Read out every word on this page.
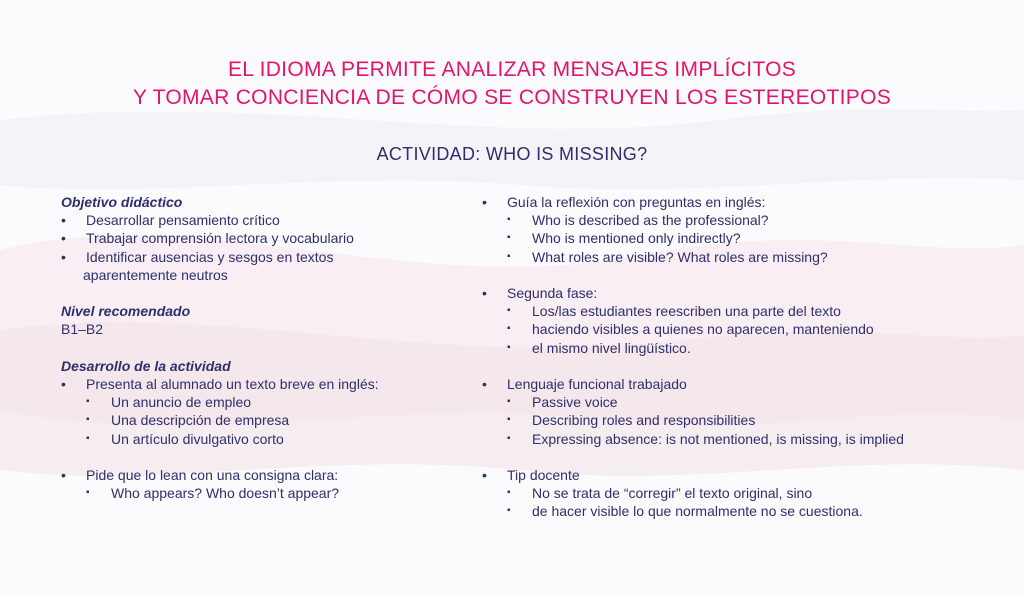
EL IDIOMA PERMITE ANALIZAR MENSAJES IMPLÍCITOS
Y TOMAR CONCIENCIA DE CÓMO SE CONSTRUYEN LOS ESTEREOTIPOS
ACTIVIDAD: WHO IS MISSING?
Objetivo didáctico
• Desarrollar pensamiento crítico
• Trabajar comprensión lectora y vocabulario
• Identificar ausencias y sesgos en textos
aparentemente neutros
Nivel recomendado
B1–B2
Desarrollo de la actividad
• Presenta al alumnado un texto breve en inglés:
▪ Un anuncio de empleo
▪ Una descripción de empresa
▪ Un artículo divulgativo corto
• Pide que lo lean con una consigna clara:
▪ Who appears? Who doesn’t appear?
• Guía la reflexión con preguntas en inglés:
▪ Who is described as the professional?
▪ Who is mentioned only indirectly?
▪ What roles are visible? What roles are missing?
• Segunda fase:
▪ Los/las estudiantes reescriben una parte del texto
▪ haciendo visibles a quienes no aparecen, manteniendo
▪ el mismo nivel lingüístico.
• Lenguaje funcional trabajado
▪ Passive voice
▪ Describing roles and responsibilities
▪ Expressing absence: is not mentioned, is missing, is implied
• Tip docente
▪ No se trata de “corregir” el texto original, sino
▪ de hacer visible lo que normalmente no se cuestiona.
